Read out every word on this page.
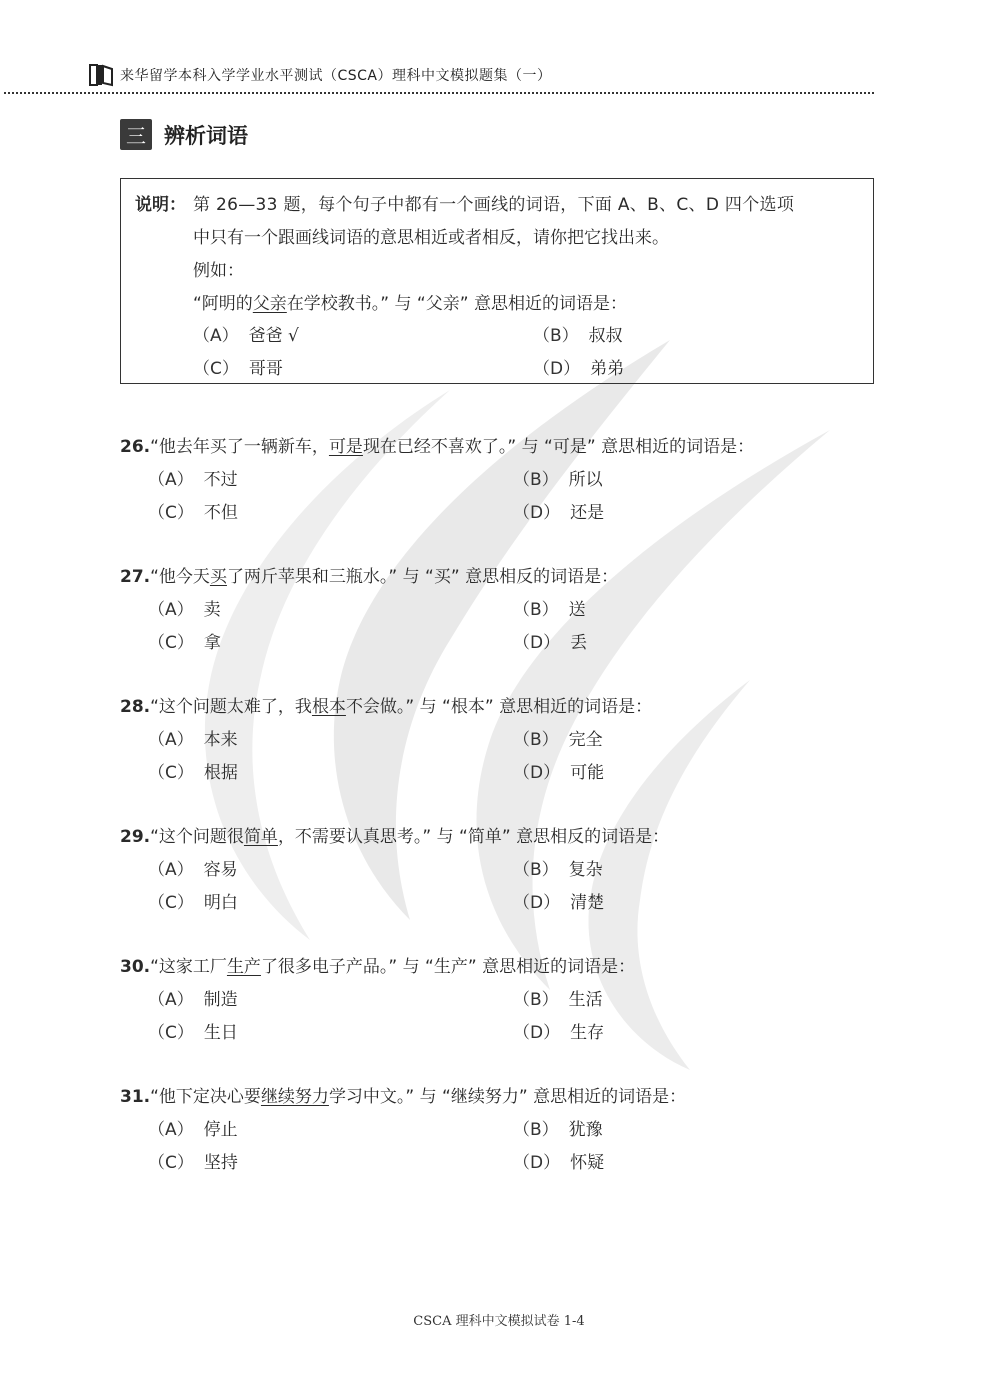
来华留学本科入学学业水平测试（CSCA）理科中文模拟题集（一）
三 辨析词语
说明： 第 26—33 题，每个句子中都有一个画线的词语，下面 A、B、C、D 四个选项
中只有一个跟画线词语的意思相近或者相反，请你把它找出来。
例如：
“阿明的父亲在学校教书。” 与 “父亲” 意思相近的词语是：
（A） 爸爸 √	（B） 叔叔
（C） 哥哥	（D） 弟弟
26.“他去年买了一辆新车，可是现在已经不喜欢了。” 与 “可是” 意思相近的词语是：
（A） 不过	（B） 所以
（C） 不但	（D） 还是
27.“他今天买了两斤苹果和三瓶水。” 与 “买” 意思相反的词语是：
（A） 卖	（B） 送
（C） 拿	（D） 丢
28.“这个问题太难了，我根本不会做。” 与 “根本” 意思相近的词语是：
（A） 本来	（B） 完全
（C） 根据	（D） 可能
29.“这个问题很简单，不需要认真思考。” 与 “简单” 意思相反的词语是：
（A） 容易	（B） 复杂
（C） 明白	（D） 清楚
30.“这家工厂生产了很多电子产品。” 与 “生产” 意思相近的词语是：
（A） 制造	（B） 生活
（C） 生日	（D） 生存
31.“他下定决心要继续努力学习中文。” 与 “继续努力” 意思相近的词语是：
（A） 停止	（B） 犹豫
（C） 坚持	（D） 怀疑
CSCA 理科中文模拟试卷 1-4
